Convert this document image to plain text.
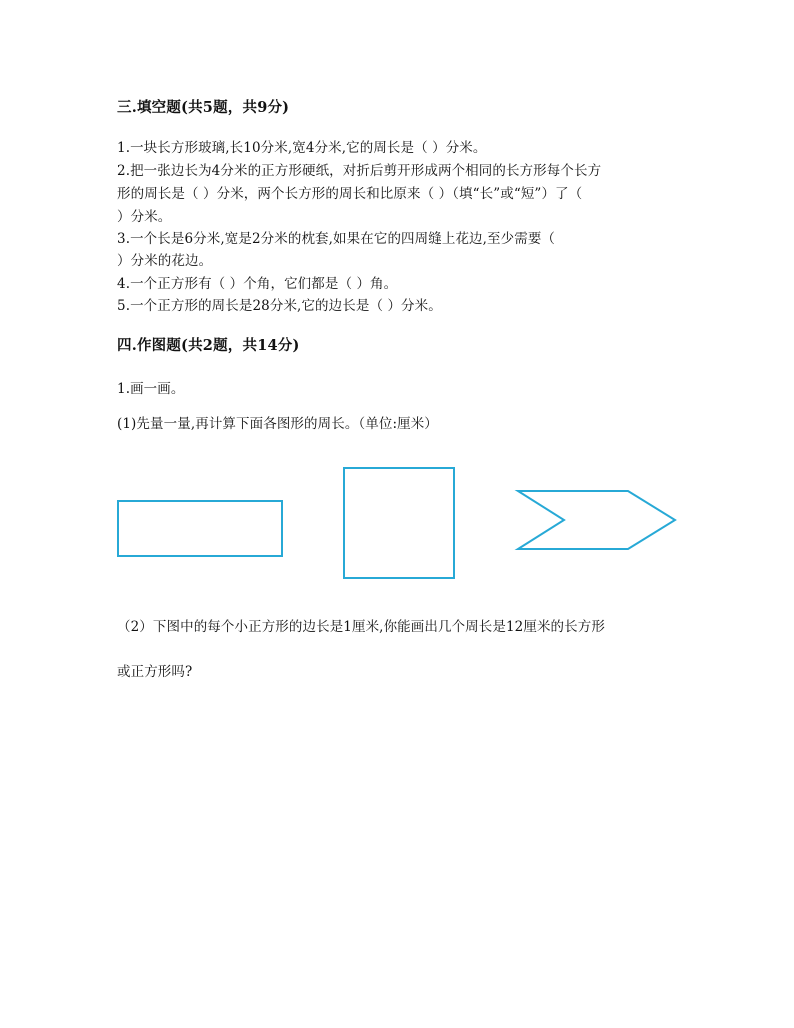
三.填空题(共5题，共9分)
1.一块长方形玻璃,长10分米,宽4分米,它的周长是（ ）分米。
2.把一张边长为4分米的正方形硬纸，对折后剪开形成两个相同的长方形每个长方
形的周长是（ ）分米，两个长方形的周长和比原来（ ）（填“长”或“短”）了（
）分米。
3.一个长是6分米,宽是2分米的枕套,如果在它的四周缝上花边,至少需要（
）分米的花边。
4.一个正方形有（ ）个角，它们都是（ ）角。
5.一个正方形的周长是28分米,它的边长是（ ）分米。
四.作图题(共2题，共14分)
1.画一画。
(1)先量一量,再计算下面各图形的周长。（单位:厘米）
（2）下图中的每个小正方形的边长是1厘米,你能画出几个周长是12厘米的长方形
或正方形吗?
